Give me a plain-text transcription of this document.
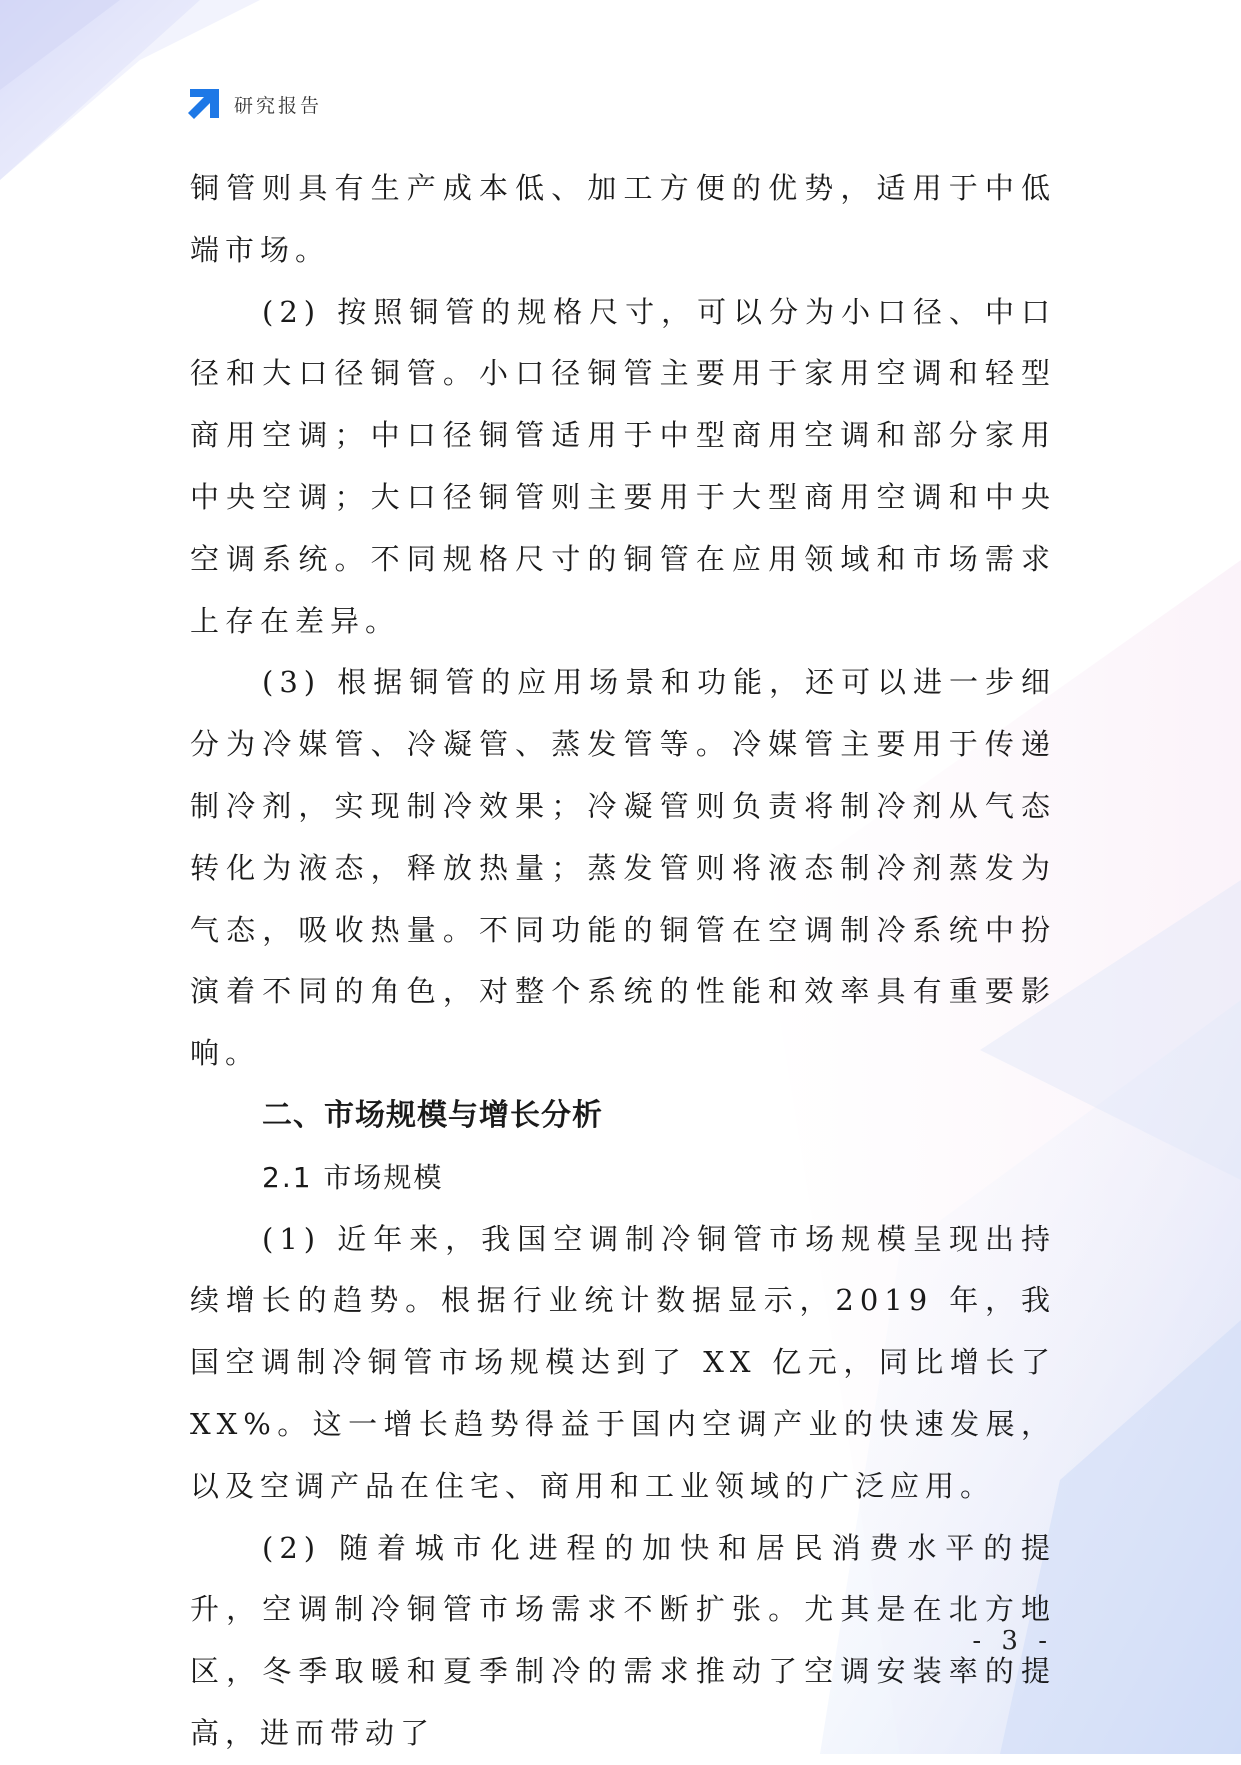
研究报告

铜管则具有生产成本低、加工方便的优势，适用于中低端市场。

(2) 按照铜管的规格尺寸，可以分为小口径、中口径和大口径铜管。小口径铜管主要用于家用空调和轻型商用空调；中口径铜管适用于中型商用空调和部分家用中央空调；大口径铜管则主要用于大型商用空调和中央空调系统。不同规格尺寸的铜管在应用领域和市场需求上存在差异。

(3) 根据铜管的应用场景和功能，还可以进一步细分为冷媒管、冷凝管、蒸发管等。冷媒管主要用于传递制冷剂，实现制冷效果；冷凝管则负责将制冷剂从气态转化为液态，释放热量；蒸发管则将液态制冷剂蒸发为气态，吸收热量。不同功能的铜管在空调制冷系统中扮演着不同的角色，对整个系统的性能和效率具有重要影响。

二、市场规模与增长分析
2.1 市场规模

(1) 近年来，我国空调制冷铜管市场规模呈现出持续增长的趋势。根据行业统计数据显示，2019 年，我国空调制冷铜管市场规模达到了 XX 亿元，同比增长了 XX%。这一增长趋势得益于国内空调产业的快速发展，以及空调产品在住宅、商用和工业领域的广泛应用。

(2) 随着城市化进程的加快和居民消费水平的提升，空调制冷铜管市场需求不断扩张。尤其是在北方地区，冬季取暖和夏季制冷的需求推动了空调安装率的提高，进而带动了

- 3 -
